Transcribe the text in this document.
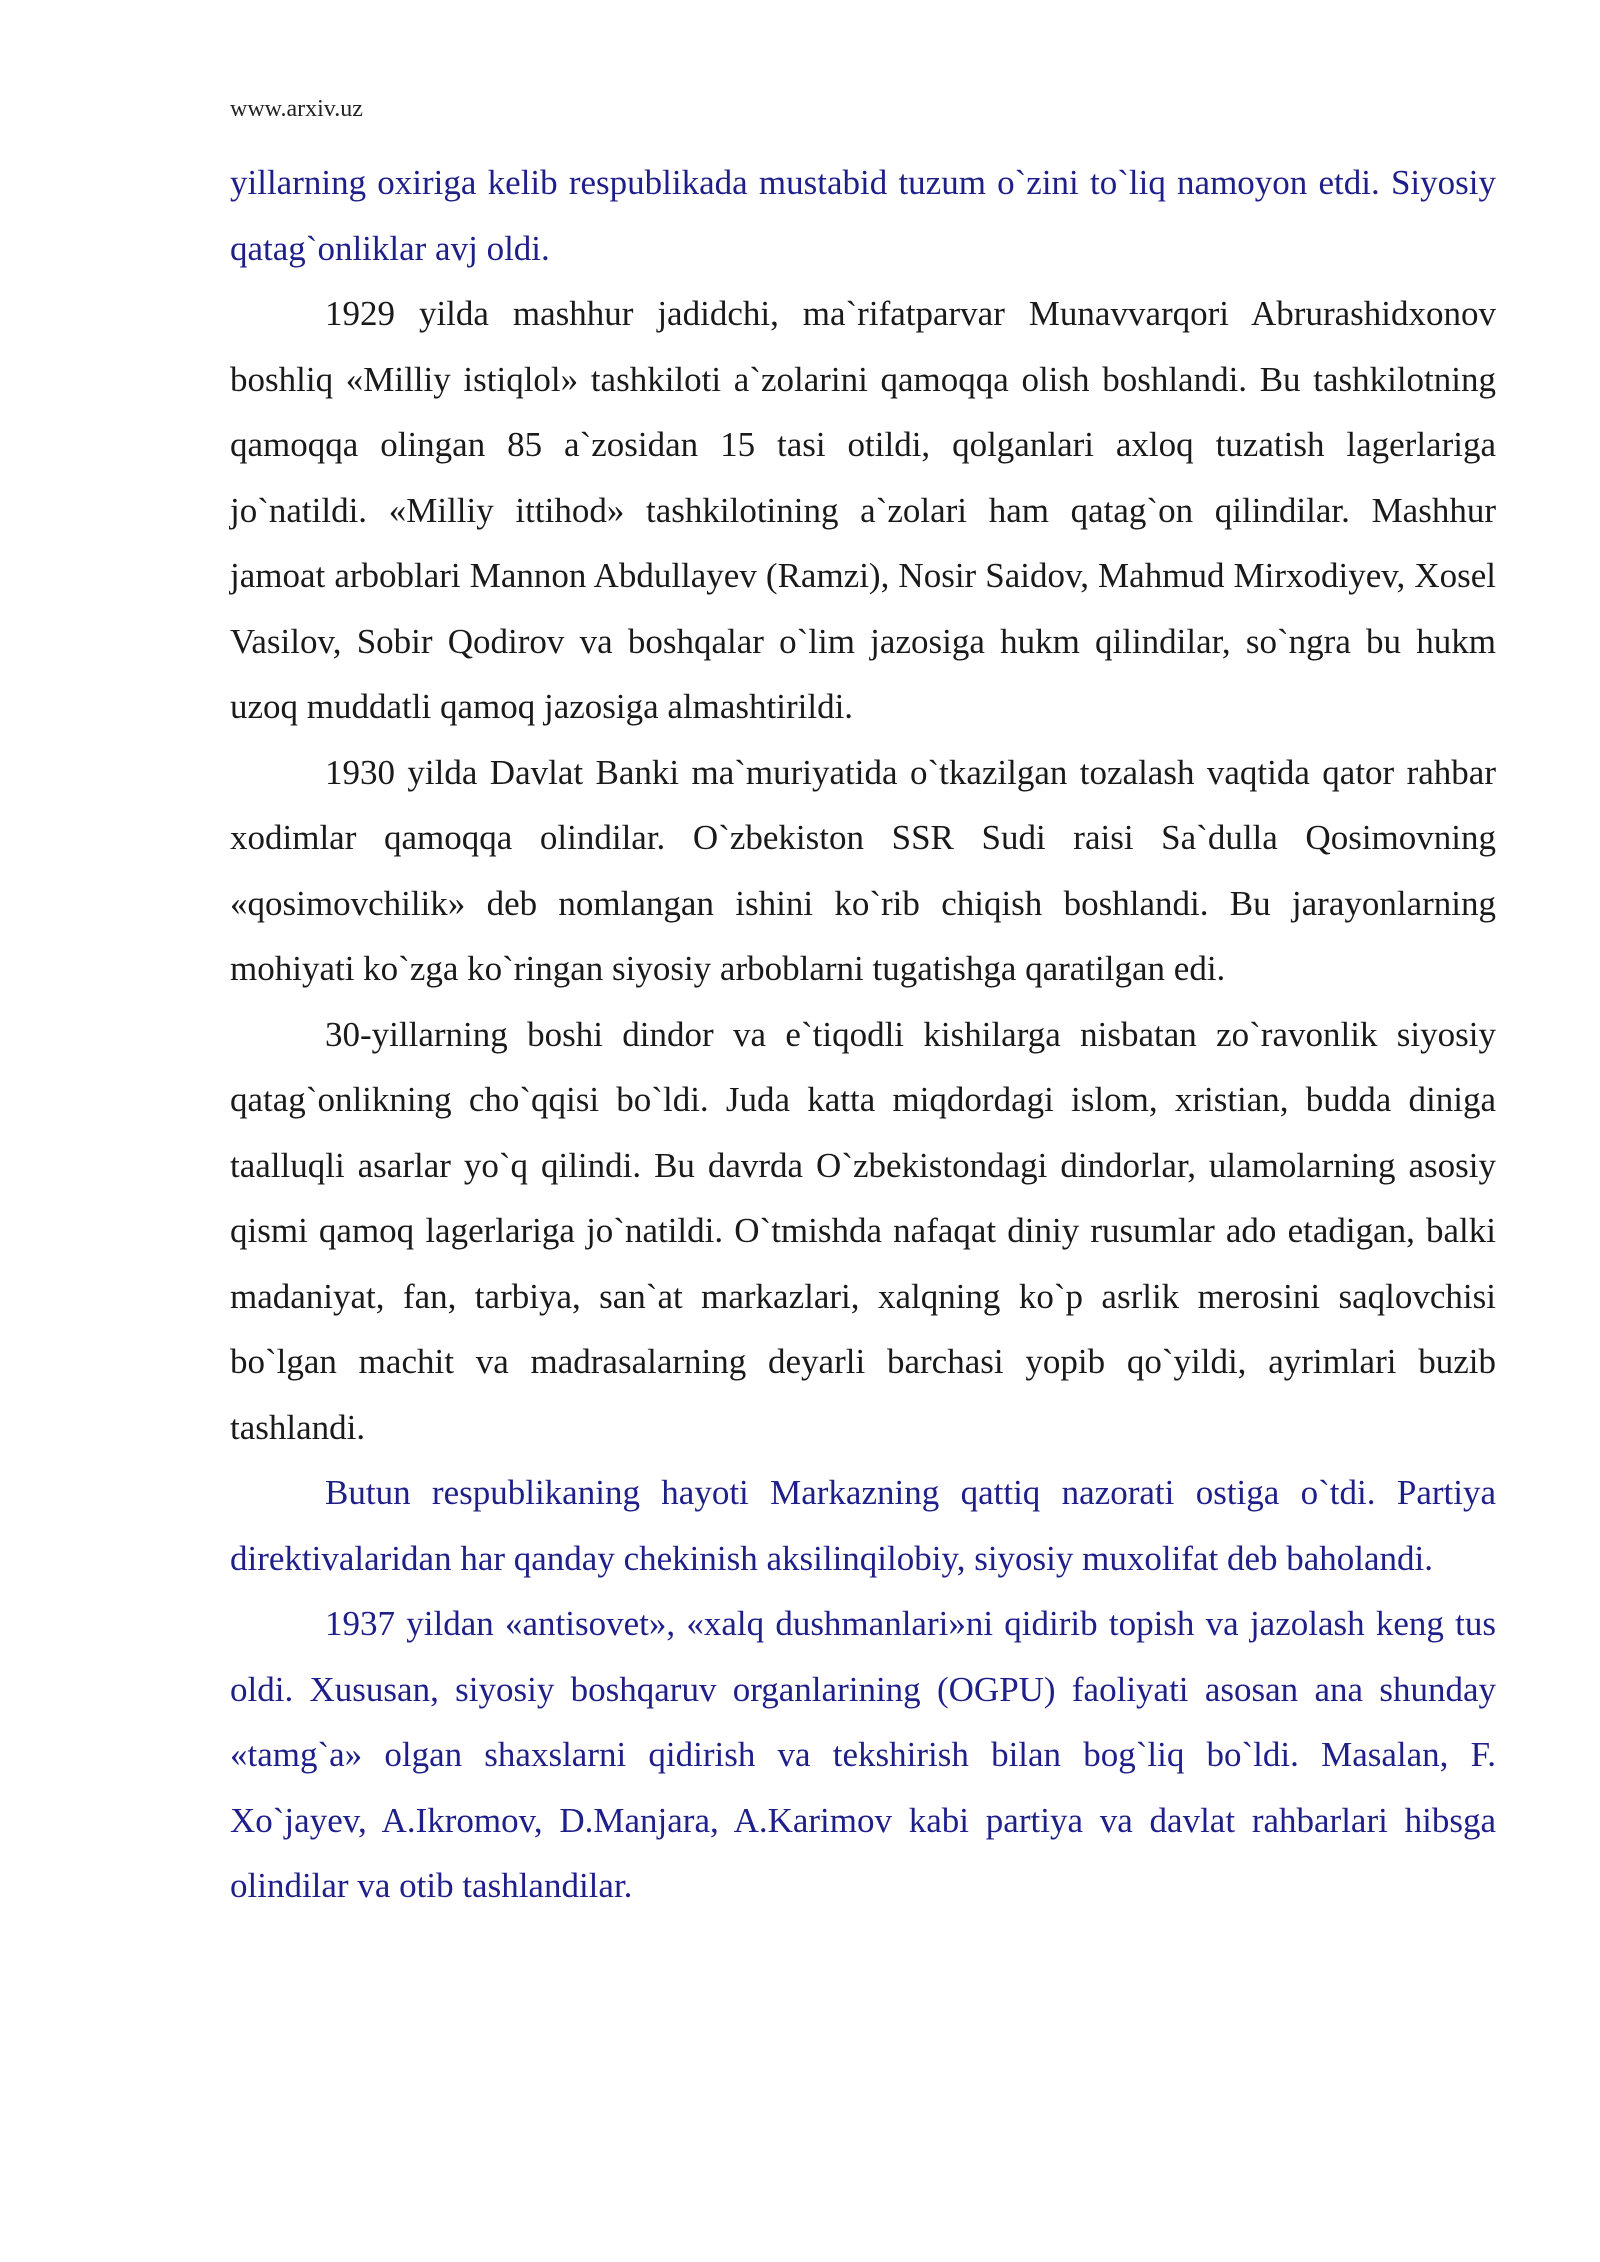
www.arxiv.uz

yillarning oxiriga kelib respublikada mustabid tuzum o`zini to`liq namoyon etdi. Siyosiy qatag`onliklar avj oldi.

1929 yilda mashhur jadidchi, ma`rifatparvar Munavvarqori Abrurashidxonov boshliq «Milliy istiqlol» tashkiloti a`zolarini qamoqqa olish boshlandi. Bu tashkilotning qamoqqa olingan 85 a`zosidan 15 tasi otildi, qolganlari axloq tuzatish lagerlariga jo`natildi. «Milliy ittihod» tashkilotining a`zolari ham qatag`on qilindilar. Mashhur jamoat arboblari Mannon Abdullayev (Ramzi), Nosir Saidov, Mahmud Mirxodiyev, Xosel Vasilov, Sobir Qodirov va boshqalar o`lim jazosiga hukm qilindilar, so`ngra bu hukm uzoq muddatli qamoq jazosiga almashtirildi.

1930 yilda Davlat Banki ma`muriyatida o`tkazilgan tozalash vaqtida qator rahbar xodimlar qamoqqa olindilar. O`zbekiston SSR Sudi raisi Sa`dulla Qosimovning «qosimovchilik» deb nomlangan ishini ko`rib chiqish boshlandi. Bu jarayonlarning mohiyati ko`zga ko`ringan siyosiy arboblarni tugatishga qaratilgan edi.

30-yillarning boshi dindor va e`tiqodli kishilarga nisbatan zo`ravonlik siyosiy qatag`onlikning cho`qqisi bo`ldi. Juda katta miqdordagi islom, xristian, budda diniga taalluqli asarlar yo`q qilindi. Bu davrda O`zbekistondagi dindorlar, ulamolarning asosiy qismi qamoq lagerlariga jo`natildi. O`tmishda nafaqat diniy rusumlar ado etadigan, balki madaniyat, fan, tarbiya, san`at markazlari, xalqning ko`p asrlik merosini saqlovchisi bo`lgan machit va madrasalarning deyarli barchasi yopib qo`yildi, ayrimlari buzib tashlandi.

Butun respublikaning hayoti Markazning qattiq nazorati ostiga o`tdi. Partiya direktivalaridan har qanday chekinish aksilinqilobiy, siyosiy muxolifat deb baholandi.

1937 yildan «antisovet», «xalq dushmanlari»ni qidirib topish va jazolash keng tus oldi. Xususan, siyosiy boshqaruv organlarining (OGPU) faoliyati asosan ana shunday «tamg`a» olgan shaxslarni qidirish va tekshirish bilan bog`liq bo`ldi. Masalan, F. Xo`jayev, A.Ikromov, D.Manjara, A.Karimov kabi partiya va davlat rahbarlari hibsga olindilar va otib tashlandilar.
